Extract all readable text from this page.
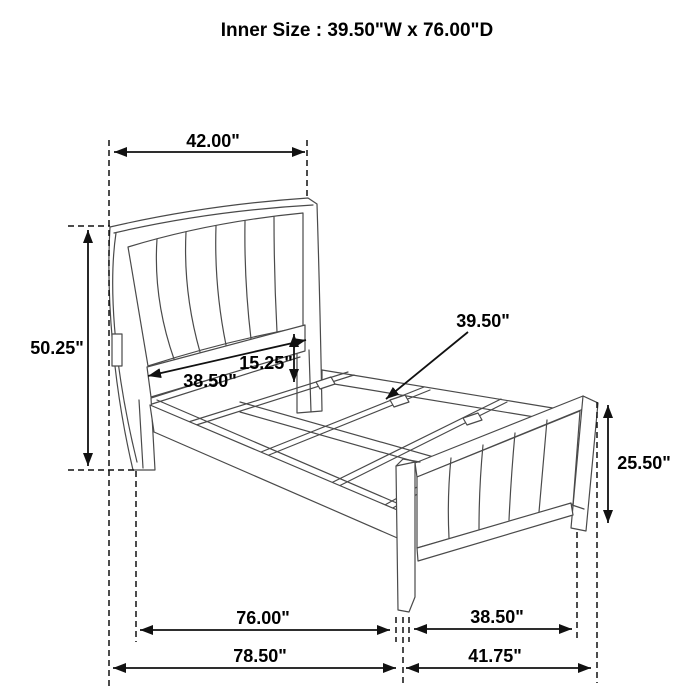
42.00"
50.25"
38.50"
15.25"
39.50"
25.50"
76.00"	38.50"
78.50"	41.75"
Inner Size : 39.50"W x 76.00"D
